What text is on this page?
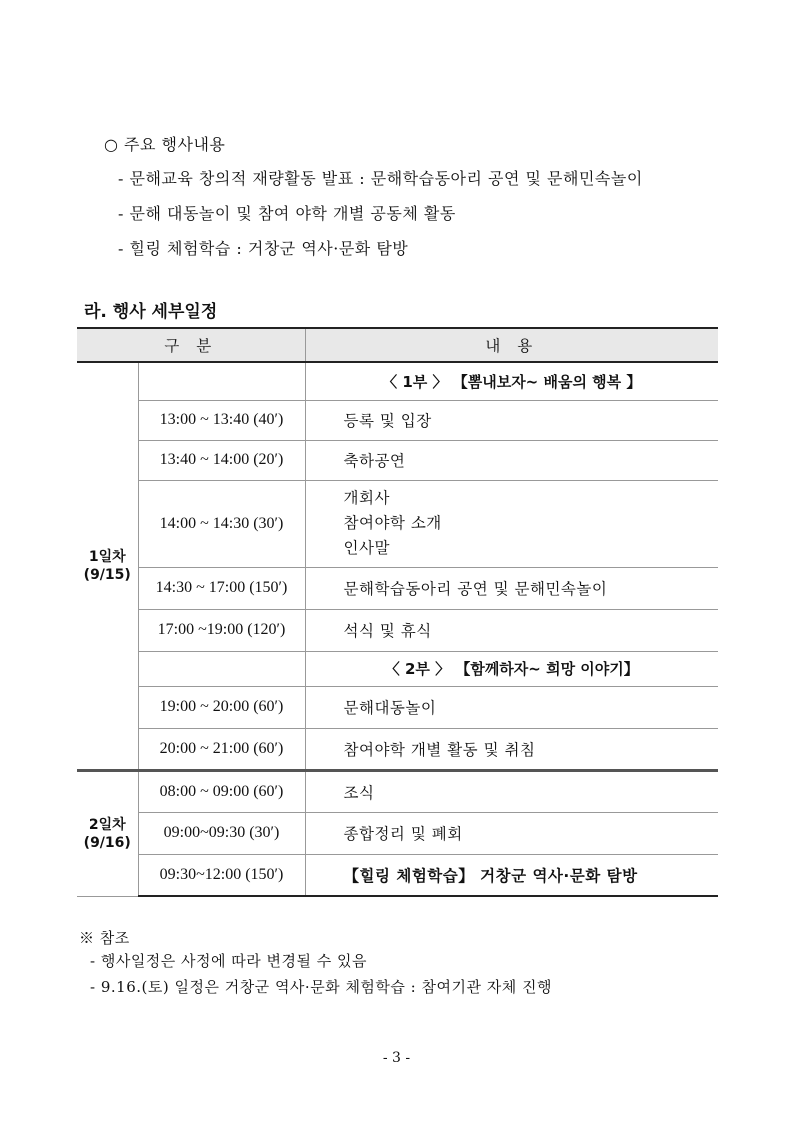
○ 주요 행사내용
- 문해교육 창의적 재량활동 발표 : 문해학습동아리 공연 및 문해민속놀이
- 문해 대동놀이 및 참여 야학 개별 공동체 활동
- 힐링 체험학습 : 거창군 역사·문화 탐방
라. 행사 세부일정
구 분		내 용
1일차
(9/15)		〈 1부 〉 【뽐내보자~ 배움의 행복 】
	13:00 ~ 13:40 (40′)	등록 및 입장
	13:40 ~ 14:00 (20′)	축하공연
	14:00 ~ 14:30 (30′)	개회사
참여야학 소개
인사말
	14:30 ~ 17:00 (150′)	문해학습동아리 공연 및 문해민속놀이
	17:00 ~19:00 (120′)	석식 및 휴식
		〈 2부 〉 【함께하자~ 희망 이야기】
	19:00 ~ 20:00 (60′)	문해대동놀이
	20:00 ~ 21:00 (60′)	참여야학 개별 활동 및 취침
2일차
(9/16)	08:00 ~ 09:00 (60′)	조식
	09:00~09:30 (30′)	종합정리 및 폐회
	09:30~12:00 (150′)	【힐링 체험학습】 거창군 역사·문화 탐방
※ 참조
- 행사일정은 사정에 따라 변경될 수 있음
- 9.16.(토) 일정은 거창군 역사·문화 체험학습 : 참여기관 자체 진행
- 3 -
